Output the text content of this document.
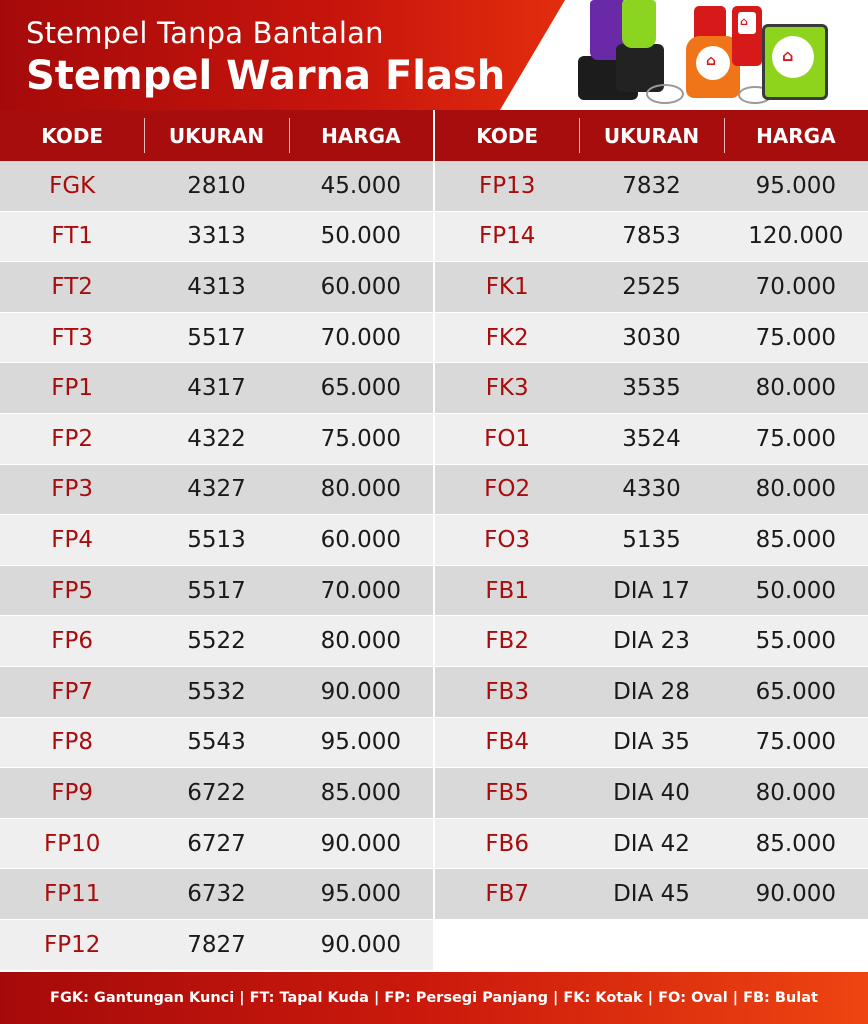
Stempel Tanpa Bantalan
Stempel Warna Flash	⌂	⌂
⌂
KODE	UKURAN	HARGA
FGK	2810	45.000
FT1	3313	50.000
FT2	4313	60.000
FT3	5517	70.000
FP1	4317	65.000
FP2	4322	75.000
FP3	4327	80.000
FP4	5513	60.000
FP5	5517	70.000
FP6	5522	80.000
FP7	5532	90.000
FP8	5543	95.000
FP9	6722	85.000
FP10	6727	90.000
FP11	6732	95.000
FP12	7827	90.000
KODE	UKURAN	HARGA
FP13	7832	95.000
FP14	7853	120.000
FK1	2525	70.000
FK2	3030	75.000
FK3	3535	80.000
FO1	3524	75.000
FO2	4330	80.000
FO3	5135	85.000
FB1	DIA 17	50.000
FB2	DIA 23	55.000
FB3	DIA 28	65.000
FB4	DIA 35	75.000
FB5	DIA 40	80.000
FB6	DIA 42	85.000
FB7	DIA 45	90.000
FGK: Gantungan Kunci | FT: Tapal Kuda | FP: Persegi Panjang | FK: Kotak | FO: Oval | FB: Bulat
